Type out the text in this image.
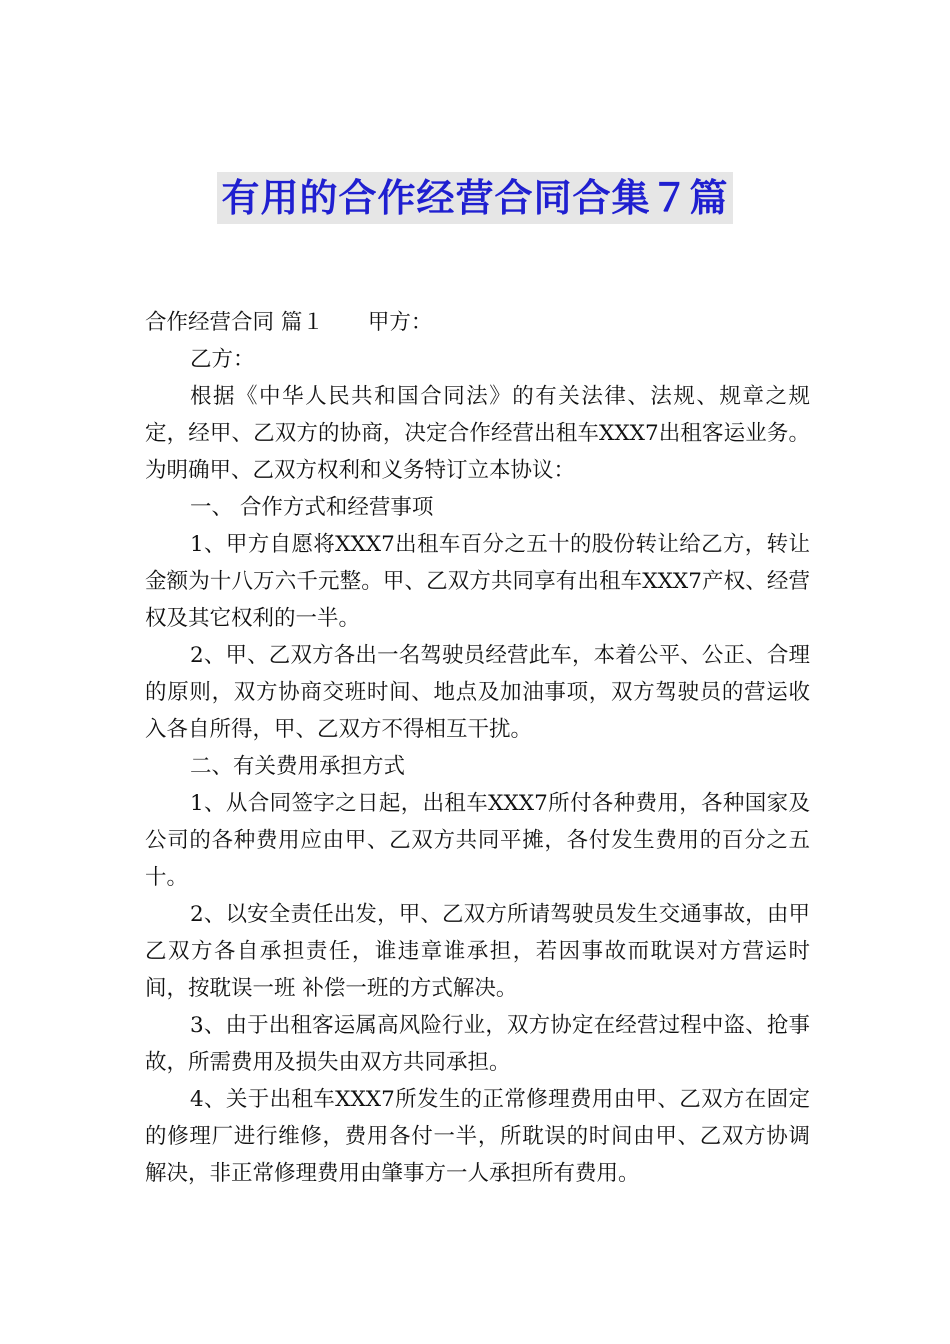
有用的合作经营合同合集７篇

合作经营合同 篇１ 甲方：

乙方：

根据《中华人民共和国合同法》的有关法律、法规、规章之规定，经甲、乙双方的协商，决定合作经营出租车XXX7出租客运业务。为明确甲、乙双方权利和义务特订立本协议：

一、 合作方式和经营事项

1、甲方自愿将XXX7出租车百分之五十的股份转让给乙方，转让金额为十八万六千元整。甲、乙双方共同享有出租车XXX7产权、经营权及其它权利的一半。

2、甲、乙双方各出一名驾驶员经营此车，本着公平、公正、合理的原则，双方协商交班时间、地点及加油事项，双方驾驶员的营运收入各自所得，甲、乙双方不得相互干扰。

二、有关费用承担方式

1、从合同签字之日起，出租车XXX7所付各种费用，各种国家及公司的各种费用应由甲、乙双方共同平摊，各付发生费用的百分之五十。

2、以安全责任出发，甲、乙双方所请驾驶员发生交通事故，由甲乙双方各自承担责任，谁违章谁承担，若因事故而耽误对方营运时间，按耽误一班 补偿一班的方式解决。

3、由于出租客运属高风险行业，双方协定在经营过程中盗、抢事故，所需费用及损失由双方共同承担。

4、关于出租车XXX7所发生的正常修理费用由甲、乙双方在固定的修理厂进行维修，费用各付一半，所耽误的时间由甲、乙双方协调解决，非正常修理费用由肇事方一人承担所有费用。
